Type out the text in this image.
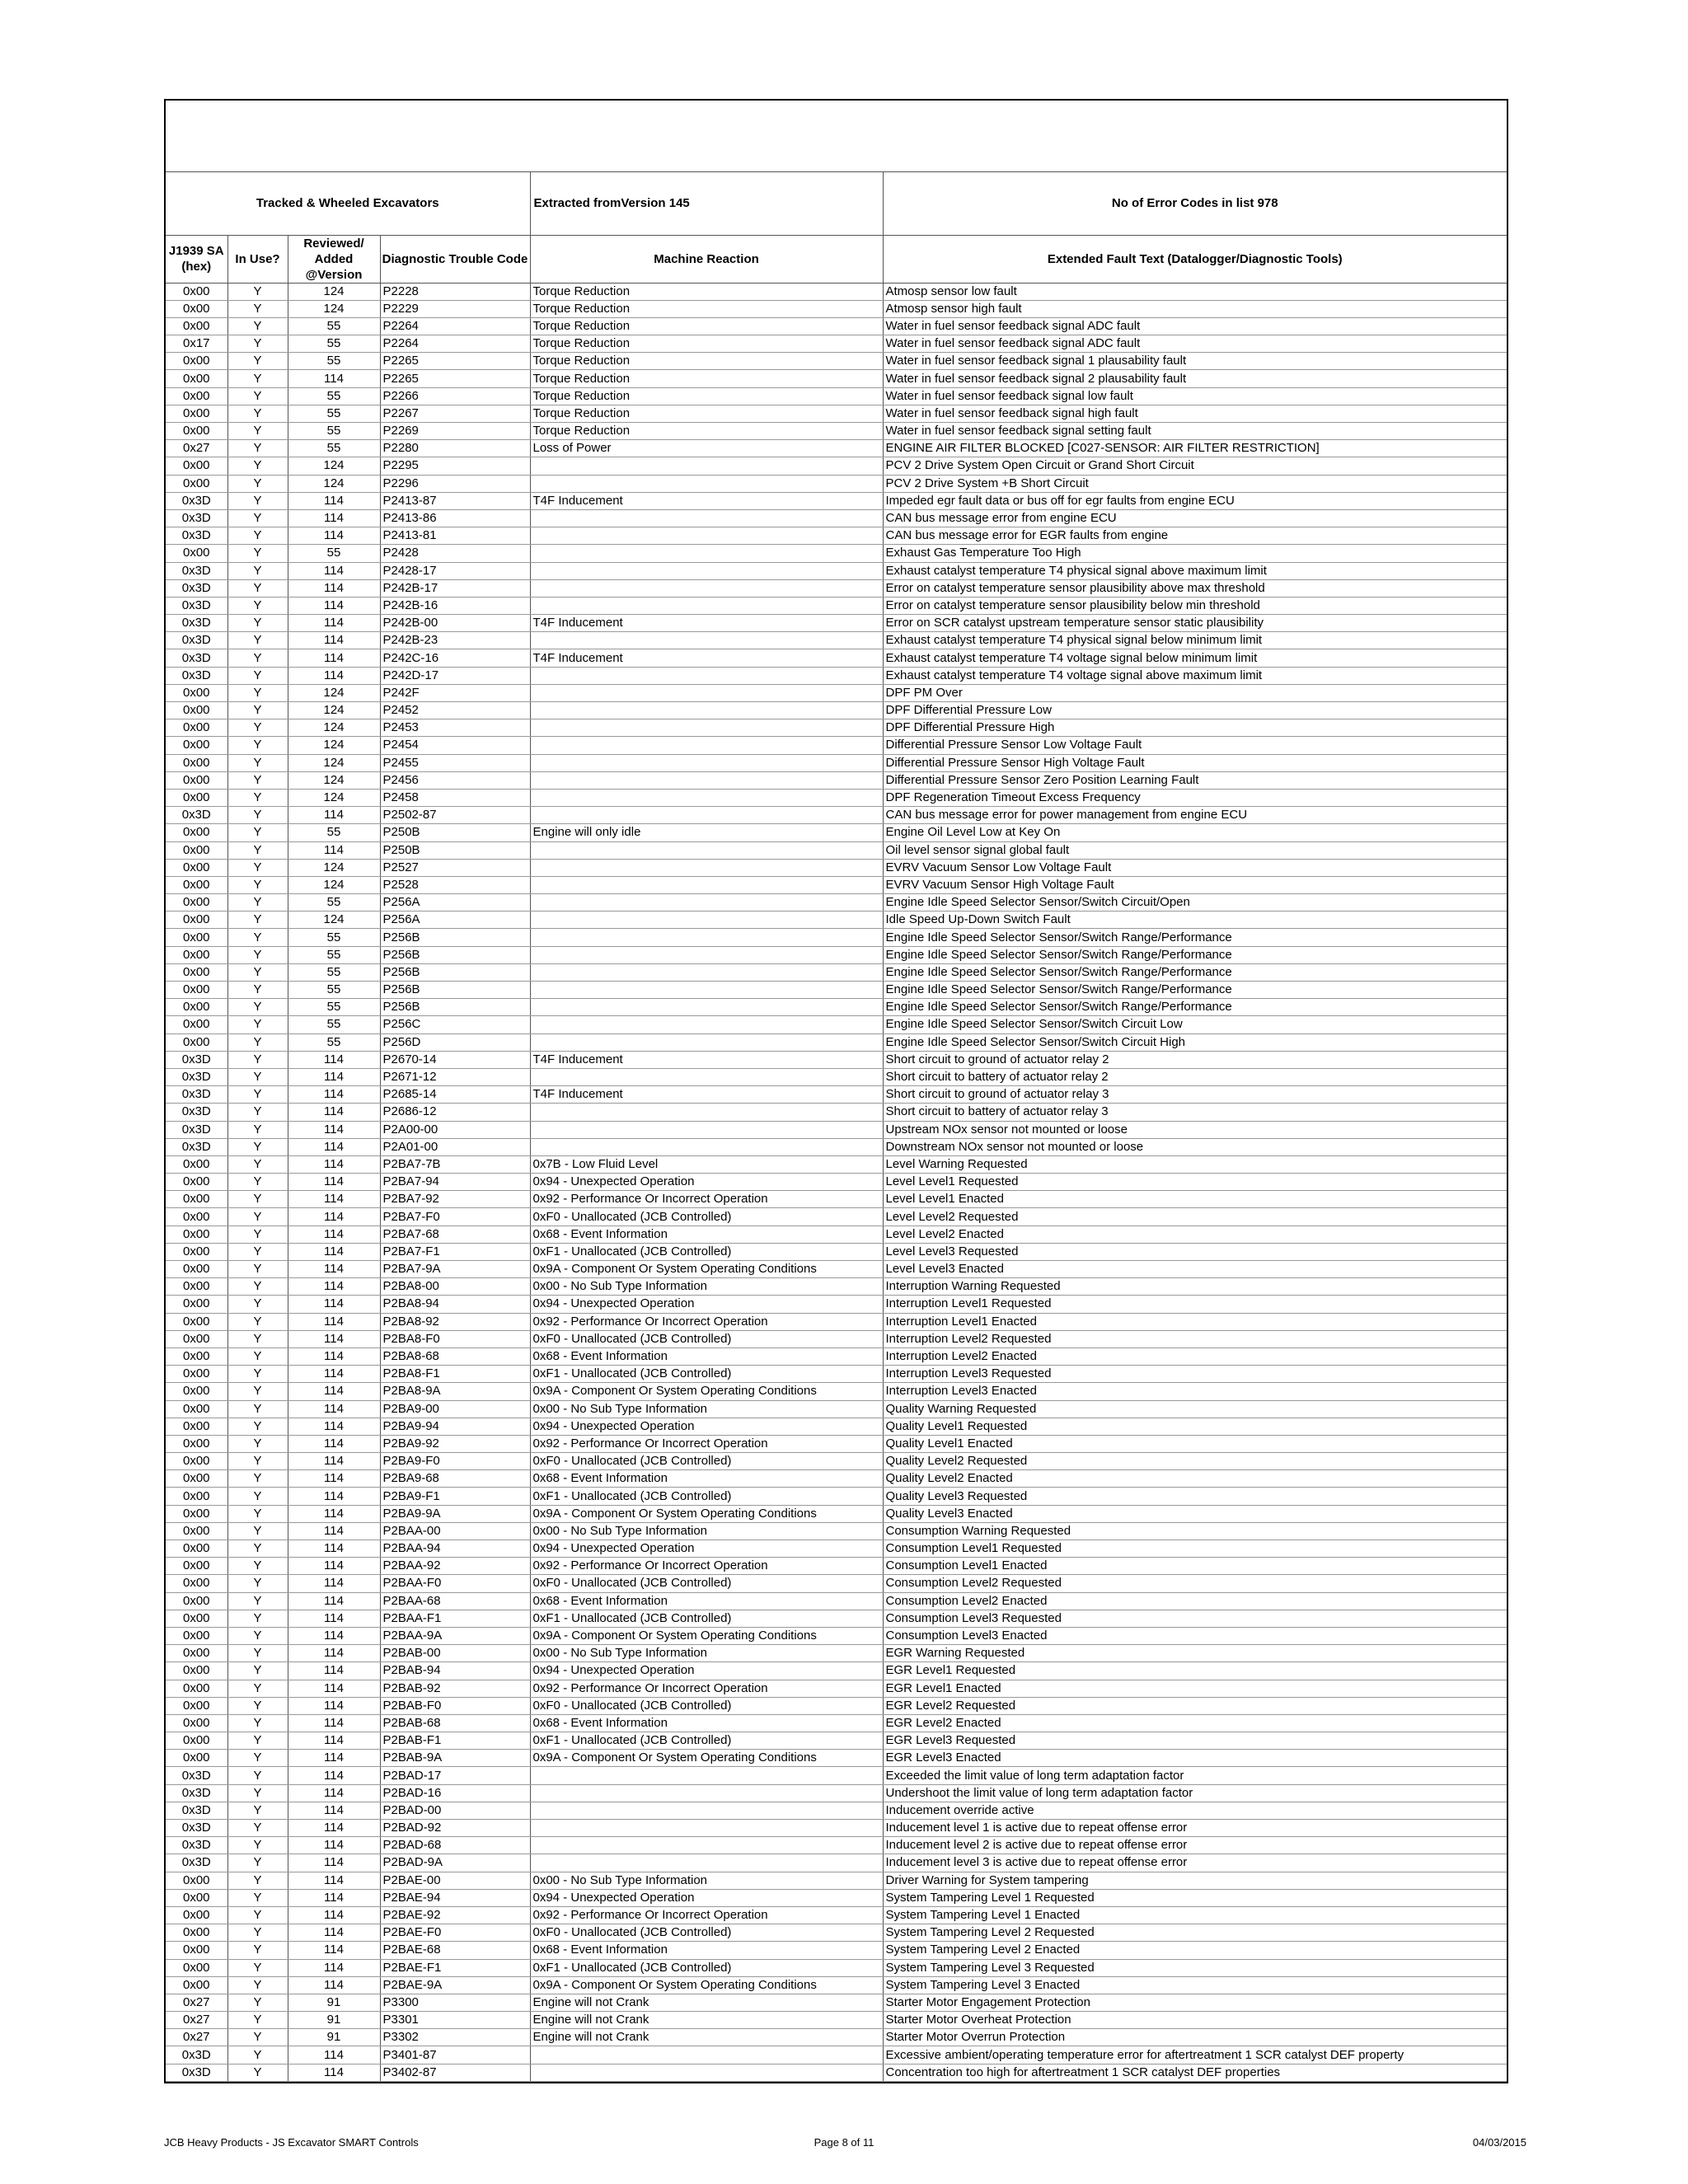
Tracked & Wheeled Excavators				Extracted fromVersion 145	No of Error Codes in list 978
J1939 SA (hex)	In Use?	Reviewed/ Added @Version	Diagnostic Trouble Code	Machine Reaction	Extended Fault Text (Datalogger/Diagnostic Tools)
0x00	Y	124	P2228	Torque Reduction	Atmosp sensor low fault
0x00	Y	124	P2229	Torque Reduction	Atmosp sensor high fault
0x00	Y	55	P2264	Torque Reduction	Water in fuel sensor feedback signal ADC fault
0x17	Y	55	P2264	Torque Reduction	Water in fuel sensor feedback signal ADC fault
0x00	Y	55	P2265	Torque Reduction	Water in fuel sensor feedback signal 1 plausability fault
0x00	Y	114	P2265	Torque Reduction	Water in fuel sensor feedback signal 2 plausability fault
0x00	Y	55	P2266	Torque Reduction	Water in fuel sensor feedback signal low fault
0x00	Y	55	P2267	Torque Reduction	Water in fuel sensor feedback signal high fault
0x00	Y	55	P2269	Torque Reduction	Water in fuel sensor feedback signal setting fault
0x27	Y	55	P2280	Loss of Power	ENGINE AIR FILTER BLOCKED [C027-SENSOR: AIR FILTER RESTRICTION]
0x00	Y	124	P2295		PCV 2 Drive System Open Circuit or Grand Short Circuit
0x00	Y	124	P2296		PCV 2 Drive System +B Short Circuit
0x3D	Y	114	P2413-87	T4F Inducement	Impeded egr fault data or bus off for egr faults from engine ECU
0x3D	Y	114	P2413-86		CAN bus message error from engine ECU
0x3D	Y	114	P2413-81		CAN bus message error for EGR faults from engine
0x00	Y	55	P2428		Exhaust Gas Temperature Too High
0x3D	Y	114	P2428-17		Exhaust catalyst temperature T4 physical signal above maximum limit
0x3D	Y	114	P242B-17		Error on catalyst temperature sensor plausibility above max threshold
0x3D	Y	114	P242B-16		Error on catalyst temperature sensor plausibility below min threshold
0x3D	Y	114	P242B-00	T4F Inducement	Error on SCR catalyst upstream temperature sensor static plausibility
0x3D	Y	114	P242B-23		Exhaust catalyst temperature T4 physical signal below minimum limit
0x3D	Y	114	P242C-16	T4F Inducement	Exhaust catalyst temperature T4 voltage signal below minimum limit
0x3D	Y	114	P242D-17		Exhaust catalyst temperature T4 voltage signal above maximum limit
0x00	Y	124	P242F		DPF PM Over
0x00	Y	124	P2452		DPF Differential Pressure Low
0x00	Y	124	P2453		DPF Differential Pressure High
0x00	Y	124	P2454		Differential Pressure Sensor Low Voltage Fault
0x00	Y	124	P2455		Differential Pressure Sensor High Voltage Fault
0x00	Y	124	P2456		Differential Pressure Sensor Zero Position Learning Fault
0x00	Y	124	P2458		DPF Regeneration Timeout Excess Frequency
0x3D	Y	114	P2502-87		CAN bus message error for power management from engine ECU
0x00	Y	55	P250B	Engine will only idle	Engine Oil Level Low at Key On
0x00	Y	114	P250B		Oil level sensor signal global fault
0x00	Y	124	P2527		EVRV Vacuum Sensor Low Voltage Fault
0x00	Y	124	P2528		EVRV Vacuum Sensor High Voltage Fault
0x00	Y	55	P256A		Engine Idle Speed Selector Sensor/Switch Circuit/Open
0x00	Y	124	P256A		Idle Speed Up-Down Switch Fault
0x00	Y	55	P256B		Engine Idle Speed Selector Sensor/Switch Range/Performance
0x00	Y	55	P256B		Engine Idle Speed Selector Sensor/Switch Range/Performance
0x00	Y	55	P256B		Engine Idle Speed Selector Sensor/Switch Range/Performance
0x00	Y	55	P256B		Engine Idle Speed Selector Sensor/Switch Range/Performance
0x00	Y	55	P256B		Engine Idle Speed Selector Sensor/Switch Range/Performance
0x00	Y	55	P256C		Engine Idle Speed Selector Sensor/Switch Circuit Low
0x00	Y	55	P256D		Engine Idle Speed Selector Sensor/Switch Circuit High
0x3D	Y	114	P2670-14	T4F Inducement	Short circuit to ground of actuator relay 2
0x3D	Y	114	P2671-12		Short circuit to battery of actuator relay 2
0x3D	Y	114	P2685-14	T4F Inducement	Short circuit to ground of actuator relay 3
0x3D	Y	114	P2686-12		Short circuit to battery of actuator relay 3
0x3D	Y	114	P2A00-00		Upstream NOx sensor not mounted or loose
0x3D	Y	114	P2A01-00		Downstream NOx sensor not mounted or loose
0x00	Y	114	P2BA7-7B	0x7B - Low Fluid Level	Level Warning Requested
0x00	Y	114	P2BA7-94	0x94 - Unexpected Operation	Level Level1 Requested
0x00	Y	114	P2BA7-92	0x92 - Performance Or Incorrect Operation	Level Level1 Enacted
0x00	Y	114	P2BA7-F0	0xF0 - Unallocated (JCB Controlled)	Level Level2 Requested
0x00	Y	114	P2BA7-68	0x68 - Event Information	Level Level2 Enacted
0x00	Y	114	P2BA7-F1	0xF1 - Unallocated (JCB Controlled)	Level Level3 Requested
0x00	Y	114	P2BA7-9A	0x9A - Component Or System Operating Conditions	Level Level3 Enacted
0x00	Y	114	P2BA8-00	0x00 - No Sub Type Information	Interruption Warning Requested
0x00	Y	114	P2BA8-94	0x94 - Unexpected Operation	Interruption Level1 Requested
0x00	Y	114	P2BA8-92	0x92 - Performance Or Incorrect Operation	Interruption Level1 Enacted
0x00	Y	114	P2BA8-F0	0xF0 - Unallocated (JCB Controlled)	Interruption Level2 Requested
0x00	Y	114	P2BA8-68	0x68 - Event Information	Interruption Level2 Enacted
0x00	Y	114	P2BA8-F1	0xF1 - Unallocated (JCB Controlled)	Interruption Level3 Requested
0x00	Y	114	P2BA8-9A	0x9A - Component Or System Operating Conditions	Interruption Level3 Enacted
0x00	Y	114	P2BA9-00	0x00 - No Sub Type Information	Quality Warning Requested
0x00	Y	114	P2BA9-94	0x94 - Unexpected Operation	Quality Level1 Requested
0x00	Y	114	P2BA9-92	0x92 - Performance Or Incorrect Operation	Quality Level1 Enacted
0x00	Y	114	P2BA9-F0	0xF0 - Unallocated (JCB Controlled)	Quality Level2 Requested
0x00	Y	114	P2BA9-68	0x68 - Event Information	Quality Level2 Enacted
0x00	Y	114	P2BA9-F1	0xF1 - Unallocated (JCB Controlled)	Quality Level3 Requested
0x00	Y	114	P2BA9-9A	0x9A - Component Or System Operating Conditions	Quality Level3 Enacted
0x00	Y	114	P2BAA-00	0x00 - No Sub Type Information	Consumption Warning Requested
0x00	Y	114	P2BAA-94	0x94 - Unexpected Operation	Consumption Level1 Requested
0x00	Y	114	P2BAA-92	0x92 - Performance Or Incorrect Operation	Consumption Level1 Enacted
0x00	Y	114	P2BAA-F0	0xF0 - Unallocated (JCB Controlled)	Consumption Level2 Requested
0x00	Y	114	P2BAA-68	0x68 - Event Information	Consumption Level2 Enacted
0x00	Y	114	P2BAA-F1	0xF1 - Unallocated (JCB Controlled)	Consumption Level3 Requested
0x00	Y	114	P2BAA-9A	0x9A - Component Or System Operating Conditions	Consumption Level3 Enacted
0x00	Y	114	P2BAB-00	0x00 - No Sub Type Information	EGR Warning Requested
0x00	Y	114	P2BAB-94	0x94 - Unexpected Operation	EGR Level1 Requested
0x00	Y	114	P2BAB-92	0x92 - Performance Or Incorrect Operation	EGR Level1 Enacted
0x00	Y	114	P2BAB-F0	0xF0 - Unallocated (JCB Controlled)	EGR Level2 Requested
0x00	Y	114	P2BAB-68	0x68 - Event Information	EGR Level2 Enacted
0x00	Y	114	P2BAB-F1	0xF1 - Unallocated (JCB Controlled)	EGR Level3 Requested
0x00	Y	114	P2BAB-9A	0x9A - Component Or System Operating Conditions	EGR Level3 Enacted
0x3D	Y	114	P2BAD-17		Exceeded the limit value of long term adaptation factor
0x3D	Y	114	P2BAD-16		Undershoot the limit value of long term adaptation factor
0x3D	Y	114	P2BAD-00		Inducement override active
0x3D	Y	114	P2BAD-92		Inducement level 1 is active due to repeat offense error
0x3D	Y	114	P2BAD-68		Inducement level 2 is active due to repeat offense error
0x3D	Y	114	P2BAD-9A		Inducement level 3 is active due to repeat offense error
0x00	Y	114	P2BAE-00	0x00 - No Sub Type Information	Driver Warning for System tampering
0x00	Y	114	P2BAE-94	0x94 - Unexpected Operation	System Tampering Level 1 Requested
0x00	Y	114	P2BAE-92	0x92 - Performance Or Incorrect Operation	System Tampering Level 1 Enacted
0x00	Y	114	P2BAE-F0	0xF0 - Unallocated (JCB Controlled)	System Tampering Level 2 Requested
0x00	Y	114	P2BAE-68	0x68 - Event Information	System Tampering Level 2 Enacted
0x00	Y	114	P2BAE-F1	0xF1 - Unallocated (JCB Controlled)	System Tampering Level 3 Requested
0x00	Y	114	P2BAE-9A	0x9A - Component Or System Operating Conditions	System Tampering Level 3 Enacted
0x27	Y	91	P3300	Engine will not Crank	Starter Motor Engagement Protection
0x27	Y	91	P3301	Engine will not Crank	Starter Motor Overheat Protection
0x27	Y	91	P3302	Engine will not Crank	Starter Motor Overrun Protection
0x3D	Y	114	P3401-87		Excessive ambient/operating temperature error for aftertreatment 1 SCR catalyst DEF property
0x3D	Y	114	P3402-87		Concentration too high for aftertreatment 1 SCR catalyst DEF properties
JCB Heavy Products - JS Excavator SMART Controls	Page 8 of 11	04/03/2015
